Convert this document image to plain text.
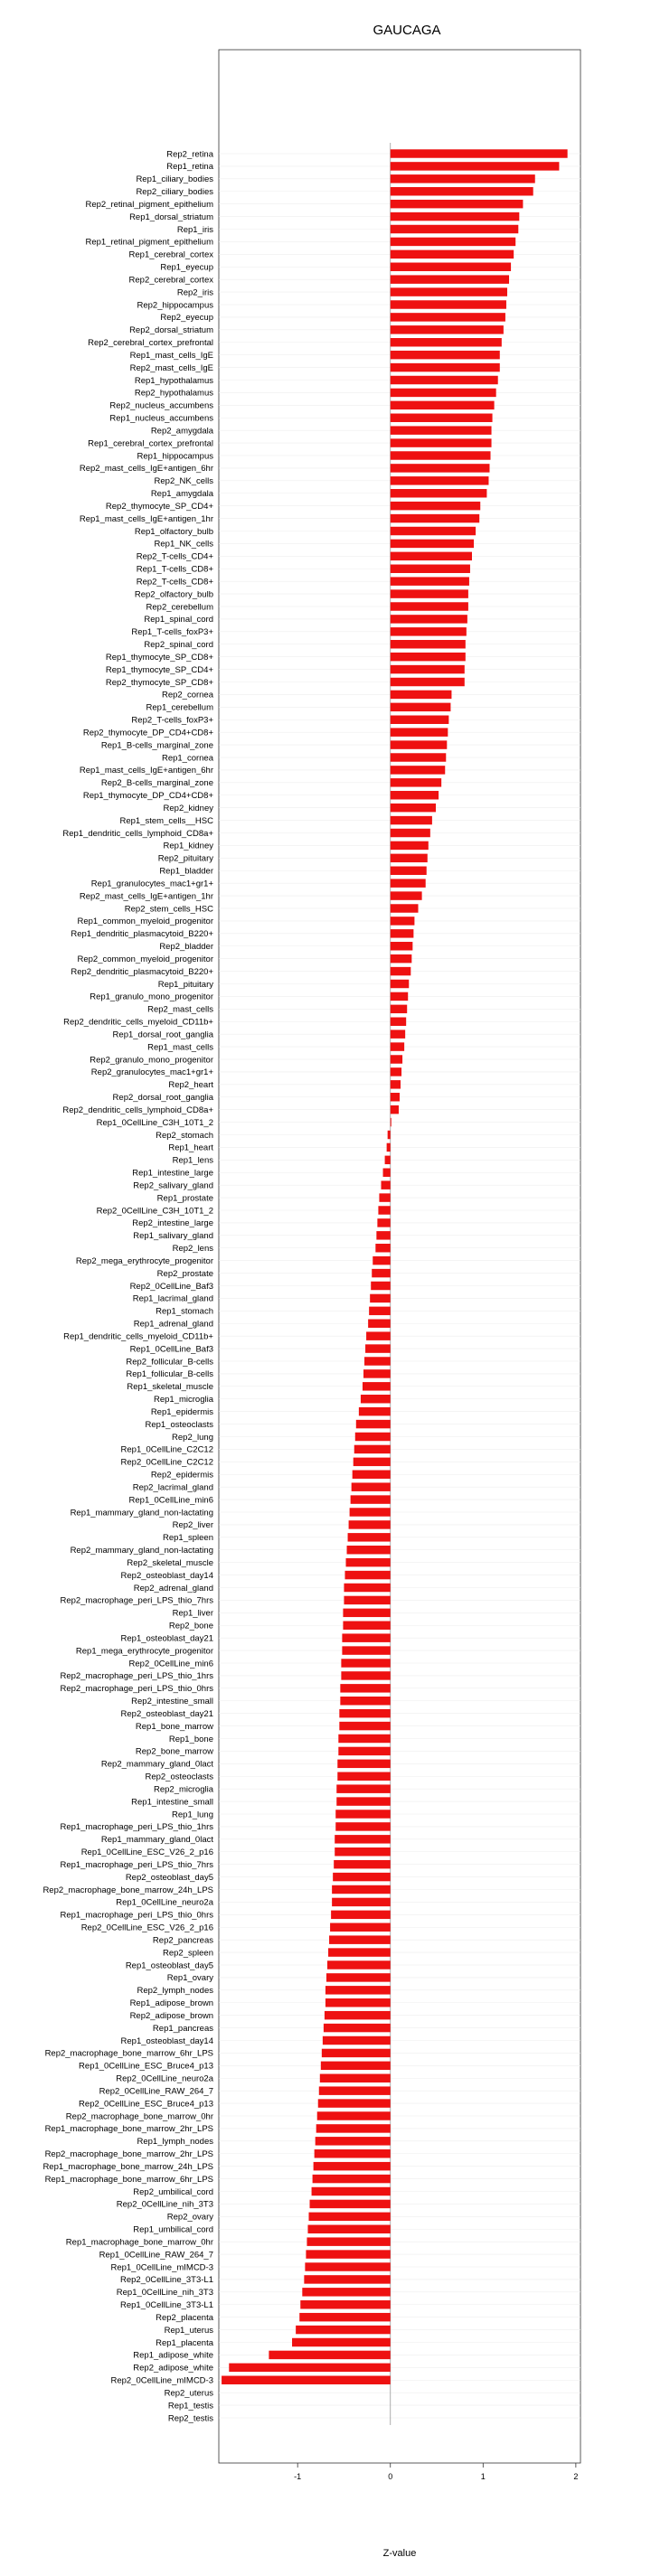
GAUCAGA
Rep2_retina
Rep1_retina
Rep1_ciliary_bodies
Rep2_ciliary_bodies
Rep2_retinal_pigment_epithelium
Rep1_dorsal_striatum
Rep1_iris
Rep1_retinal_pigment_epithelium
Rep1_cerebral_cortex
Rep1_eyecup
Rep2_cerebral_cortex
Rep2_iris
Rep2_hippocampus
Rep2_eyecup
Rep2_dorsal_striatum
Rep2_cerebral_cortex_prefrontal
Rep1_mast_cells_IgE
Rep2_mast_cells_IgE
Rep1_hypothalamus
Rep2_hypothalamus
Rep2_nucleus_accumbens
Rep1_nucleus_accumbens
Rep2_amygdala
Rep1_cerebral_cortex_prefrontal
Rep1_hippocampus
Rep2_mast_cells_IgE+antigen_6hr
Rep2_NK_cells
Rep1_amygdala
Rep2_thymocyte_SP_CD4+
Rep1_mast_cells_IgE+antigen_1hr
Rep1_olfactory_bulb
Rep1_NK_cells
Rep2_T-cells_CD4+
Rep1_T-cells_CD8+
Rep2_T-cells_CD8+
Rep2_olfactory_bulb
Rep2_cerebellum
Rep1_spinal_cord
Rep1_T-cells_foxP3+
Rep2_spinal_cord
Rep1_thymocyte_SP_CD8+
Rep1_thymocyte_SP_CD4+
Rep2_thymocyte_SP_CD8+
Rep2_cornea
Rep1_cerebellum
Rep2_T-cells_foxP3+
Rep2_thymocyte_DP_CD4+CD8+
Rep1_B-cells_marginal_zone
Rep1_cornea
Rep1_mast_cells_IgE+antigen_6hr
Rep2_B-cells_marginal_zone
Rep1_thymocyte_DP_CD4+CD8+
Rep2_kidney
Rep1_stem_cells__HSC
Rep1_dendritic_cells_lymphoid_CD8a+
Rep1_kidney
Rep2_pituitary
Rep1_bladder
Rep1_granulocytes_mac1+gr1+
Rep2_mast_cells_IgE+antigen_1hr
Rep2_stem_cells_HSC
Rep1_common_myeloid_progenitor
Rep1_dendritic_plasmacytoid_B220+
Rep2_bladder
Rep2_common_myeloid_progenitor
Rep2_dendritic_plasmacytoid_B220+
Rep1_pituitary
Rep1_granulo_mono_progenitor
Rep2_mast_cells
Rep2_dendritic_cells_myeloid_CD11b+
Rep1_dorsal_root_ganglia
Rep1_mast_cells
Rep2_granulo_mono_progenitor
Rep2_granulocytes_mac1+gr1+
Rep2_heart
Rep2_dorsal_root_ganglia
Rep2_dendritic_cells_lymphoid_CD8a+
Rep1_0CellLine_C3H_10T1_2
Rep2_stomach
Rep1_heart
Rep1_lens
Rep1_intestine_large
Rep2_salivary_gland
Rep1_prostate
Rep2_0CellLine_C3H_10T1_2
Rep2_intestine_large
Rep1_salivary_gland
Rep2_lens
Rep2_mega_erythrocyte_progenitor
Rep2_prostate
Rep2_0CellLine_Baf3
Rep1_lacrimal_gland
Rep1_stomach
Rep1_adrenal_gland
Rep1_dendritic_cells_myeloid_CD11b+
Rep1_0CellLine_Baf3
Rep2_follicular_B-cells
Rep1_follicular_B-cells
Rep1_skeletal_muscle
Rep1_microglia
Rep1_epidermis
Rep1_osteoclasts
Rep2_lung
Rep1_0CellLine_C2C12
Rep2_0CellLine_C2C12
Rep2_epidermis
Rep2_lacrimal_gland
Rep1_0CellLine_min6
Rep1_mammary_gland_non-lactating
Rep2_liver
Rep1_spleen
Rep2_mammary_gland_non-lactating
Rep2_skeletal_muscle
Rep2_osteoblast_day14
Rep2_adrenal_gland
Rep2_macrophage_peri_LPS_thio_7hrs
Rep1_liver
Rep2_bone
Rep1_osteoblast_day21
Rep1_mega_erythrocyte_progenitor
Rep2_0CellLine_min6
Rep2_macrophage_peri_LPS_thio_1hrs
Rep2_macrophage_peri_LPS_thio_0hrs
Rep2_intestine_small
Rep2_osteoblast_day21
Rep1_bone_marrow
Rep1_bone
Rep2_bone_marrow
Rep2_mammary_gland_0lact
Rep2_osteoclasts
Rep2_microglia
Rep1_intestine_small
Rep1_lung
Rep1_macrophage_peri_LPS_thio_1hrs
Rep1_mammary_gland_0lact
Rep1_0CellLine_ESC_V26_2_p16
Rep1_macrophage_peri_LPS_thio_7hrs
Rep2_osteoblast_day5
Rep2_macrophage_bone_marrow_24h_LPS
Rep1_0CellLine_neuro2a
Rep1_macrophage_peri_LPS_thio_0hrs
Rep2_0CellLine_ESC_V26_2_p16
Rep2_pancreas
Rep2_spleen
Rep1_osteoblast_day5
Rep1_ovary
Rep2_lymph_nodes
Rep1_adipose_brown
Rep2_adipose_brown
Rep1_pancreas
Rep1_osteoblast_day14
Rep2_macrophage_bone_marrow_6hr_LPS
Rep1_0CellLine_ESC_Bruce4_p13
Rep2_0CellLine_neuro2a
Rep2_0CellLine_RAW_264_7
Rep2_0CellLine_ESC_Bruce4_p13
Rep2_macrophage_bone_marrow_0hr
Rep1_macrophage_bone_marrow_2hr_LPS
Rep1_lymph_nodes
Rep2_macrophage_bone_marrow_2hr_LPS
Rep1_macrophage_bone_marrow_24h_LPS
Rep1_macrophage_bone_marrow_6hr_LPS
Rep2_umbilical_cord
Rep2_0CellLine_nih_3T3
Rep2_ovary
Rep1_umbilical_cord
Rep1_macrophage_bone_marrow_0hr
Rep1_0CellLine_RAW_264_7
Rep1_0CellLine_mIMCD-3
Rep2_0CellLine_3T3-L1
Rep1_0CellLine_nih_3T3
Rep1_0CellLine_3T3-L1
Rep2_placenta
Rep1_uterus
Rep1_placenta
Rep1_adipose_white
Rep2_adipose_white
Rep2_0CellLine_mIMCD-3
Rep2_uterus
Rep1_testis
Rep2_testis
-1	0	1	2
Z-value
